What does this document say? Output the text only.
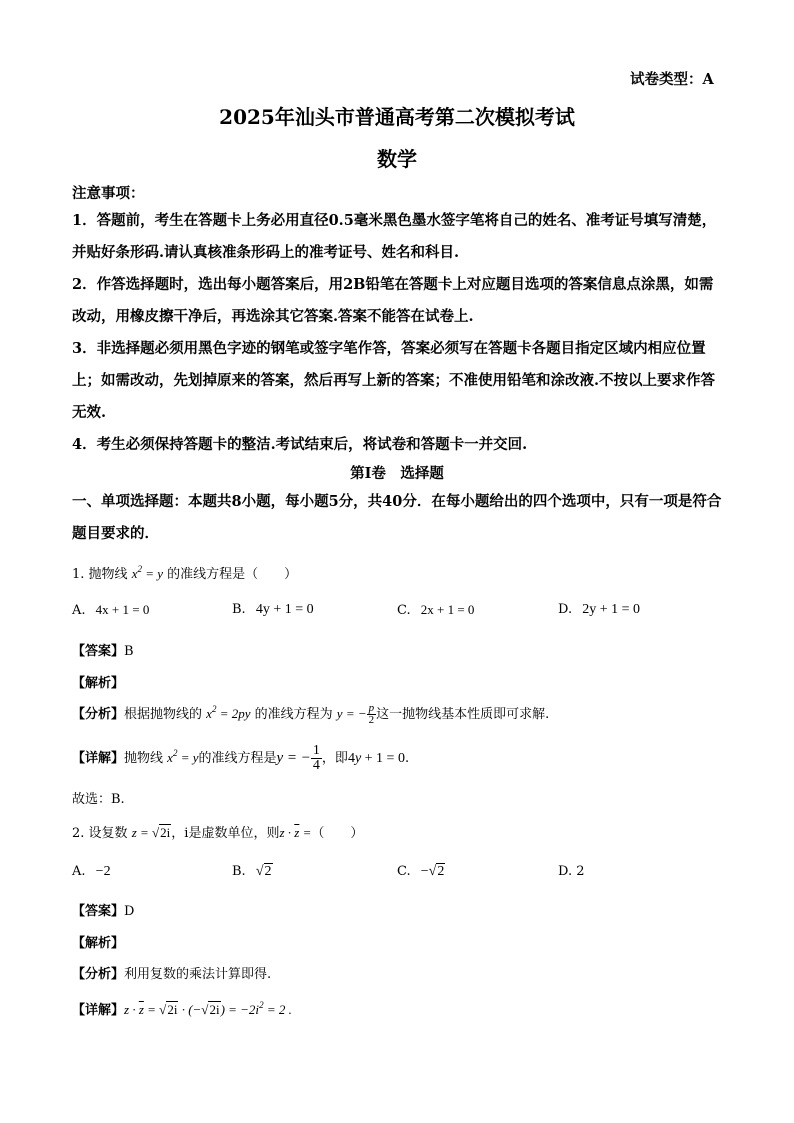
试卷类型：A
2025年汕头市普通高考第二次模拟考试
数学
注意事项：
1．答题前，考生在答题卡上务必用直径0.5毫米黑色墨水签字笔将自己的姓名、准考证号填写清楚，并贴好条形码.请认真核准条形码上的准考证号、姓名和科目.
2．作答选择题时，选出每小题答案后，用2B铅笔在答题卡上对应题目选项的答案信息点涂黑，如需改动，用橡皮擦干净后，再选涂其它答案.答案不能答在试卷上.
3．非选择题必须用黑色字迹的钢笔或签字笔作答，答案必须写在答题卡各题目指定区域内相应位置上；如需改动，先划掉原来的答案，然后再写上新的答案；不准使用铅笔和涂改液.不按以上要求作答无效.
4．考生必须保持答题卡的整洁.考试结束后，将试卷和答题卡一并交回.
第Ⅰ卷　选择题
一、单项选择题：本题共8小题，每小题5分，共40分．在每小题给出的四个选项中，只有一项是符合题目要求的．
1. 抛物线 $x^2 = y$ 的准线方程是（　　）
A. 4x + 1 = 0	B. 4y + 1 = 0	C. 2x + 1 = 0	D. 2y + 1 = 0
【答案】B
【解析】
【分析】根据抛物线的 $x^2 = 2py$ 的准线方程为 y = − $\frac{p}{2}$ 这一抛物线基本性质即可求解.
【详解】抛物线 $x^2 = y$的准线方程是y = − $\frac{1}{4}$ ，即4y + 1 = 0.
故选：B.
2. 设复数 z = √2i，i是虚数单位，则$z \cdot \overline{z}$ =（　　）
A. −2	B. √2	C. −√2	D. 2
【答案】D
【解析】
【分析】利用复数的乘法计算即得.
【详解】$z \cdot \overline{z} = √2i \cdot (-√2i) = -2i^2 = 2$ .
